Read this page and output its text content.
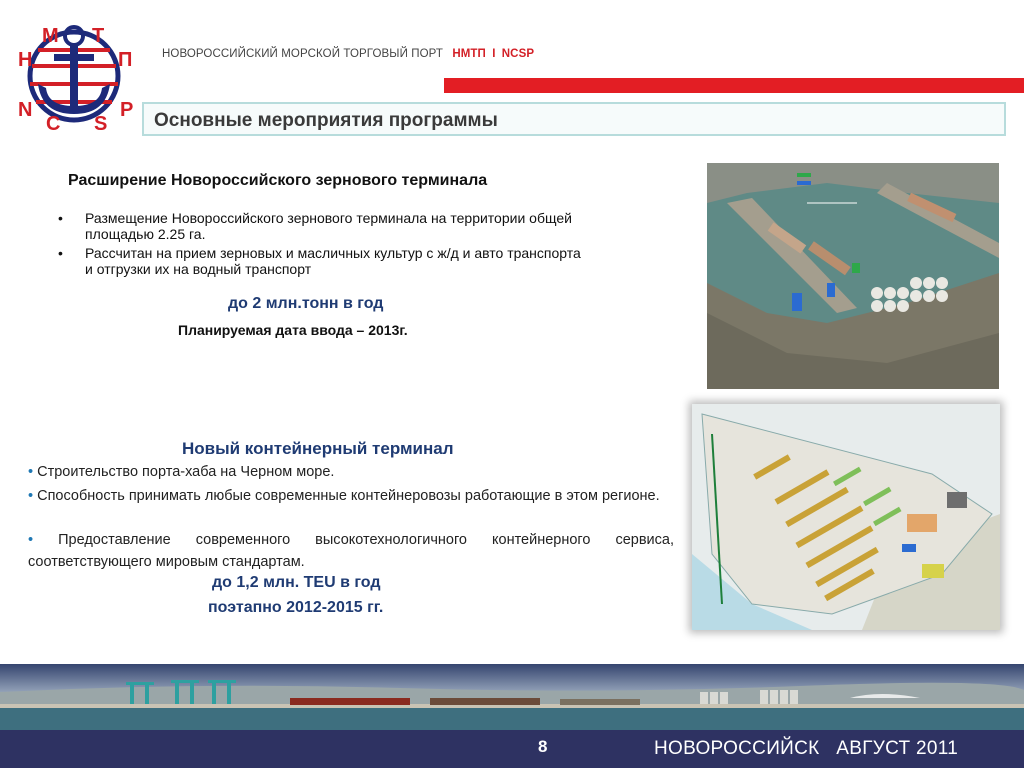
Н
М Т
П
N
C S
P
НОВОРОССИЙСКИЙ МОРСКОЙ ТОРГОВЫЙ ПОРТ НМТП I NCSP
Основные мероприятия программы
Расширение Новороссийского зернового терминала
• Размещение Новороссийского зернового терминала на территории общей площадью 2.25 га.
• Рассчитан на прием зерновых и масличных культур с ж/д и авто транспорта и отгрузки их на водный транспорт
до 2 млн.тонн в год
Планируемая дата ввода – 2013г.
Новый контейнерный терминал
• Строительство порта-хаба на Черном море.
• Способность принимать любые современные контейнеровозы работающие в этом регионе.
• Предоставление современного высокотехнологичного контейнерного сервиса, соответствующего мировым стандартам.
до 1,2 млн. TEU в год
поэтапно 2012-2015 гг.
8	НОВОРОССИЙСК АВГУСТ 2011
